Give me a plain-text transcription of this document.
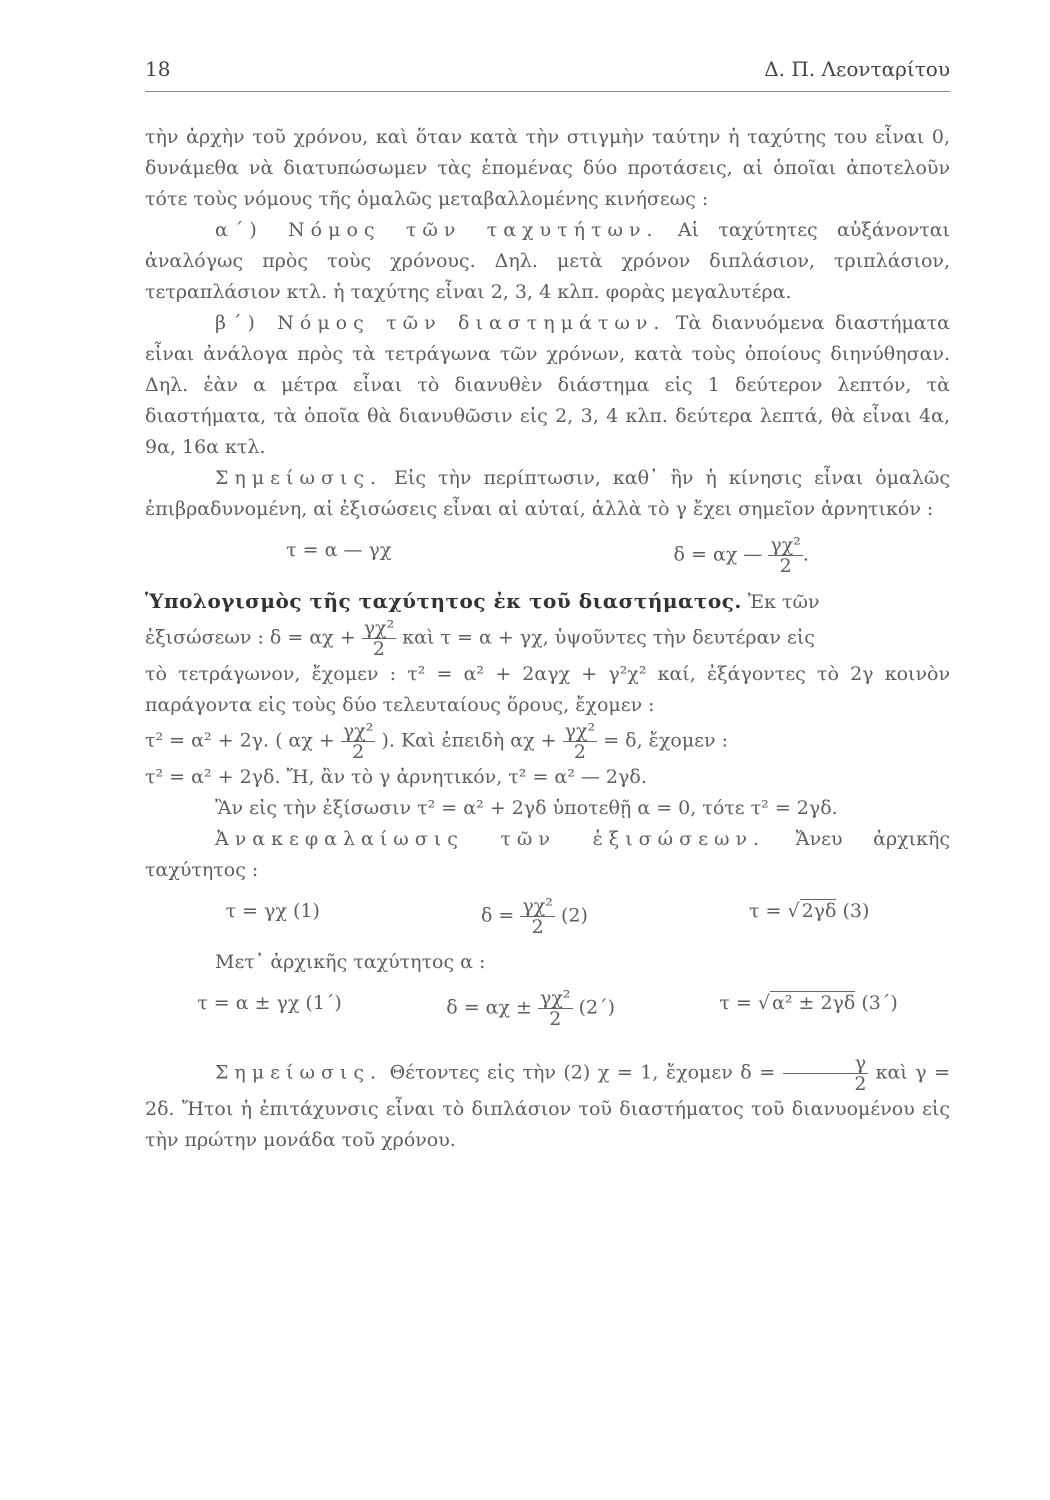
18	Δ. Π. Λεονταρίτου

τὴν ἀρχὴν τοῦ χρόνου, καὶ ὅταν κατὰ τὴν στιγμὴν ταύτην ἡ ταχύτης του εἶναι 0, δυνάμεθα νὰ διατυπώσωμεν τὰς ἑπομένας δύο προτάσεις, αἱ ὁποῖαι ἀποτελοῦν τότε τοὺς νόμους τῆς ὁμαλῶς μεταβαλλομένης κινήσεως :

α΄) Νόμος τῶν ταχυτήτων. Αἱ ταχύτητες αὐξάνονται ἀναλόγως πρὸς τοὺς χρόνους. Δηλ. μετὰ χρόνον διπλάσιον, τριπλάσιον, τετραπλάσιον κτλ. ἡ ταχύτης εἶναι 2, 3, 4 κλπ. φορὰς μεγαλυτέρα.

β΄) Νόμος τῶν διαστημάτων. Τὰ διανυόμενα διαστήματα εἶναι ἀνάλογα πρὸς τὰ τετράγωνα τῶν χρόνων, κατὰ τοὺς ὁποίους διηνύθησαν. Δηλ. ἐὰν α μέτρα εἶναι τὸ διανυθὲν διάστημα εἰς 1 δεύτερον λεπτόν, τὰ διαστήματα, τὰ ὁποῖα θὰ διανυθῶσιν εἰς 2, 3, 4 κλπ. δεύτερα λεπτά, θὰ εἶναι 4α, 9α, 16α κτλ.

Σημείωσις. Εἰς τὴν περίπτωσιν, καθ᾿ ἣν ἡ κίνησις εἶναι ὁμαλῶς ἐπιβραδυνομένη, αἱ ἐξισώσεις εἶναι αἱ αὐταί, ἀλλὰ τὸ γ ἔχει σημεῖον ἀρνητικόν :

τ = α — γχ	δ = αχ — $\frac{\text{γχ²}}{2}$ .

Ὑπολογισμὸς τῆς ταχύτητος ἐκ τοῦ διαστήματος. Ἐκ τῶν

ἐξισώσεων : $\delta = \alpha\chi + \frac{\text{γχ²}}{2}$ καὶ τ = α + γχ, ὑψοῦντες τὴν δευτέραν εἰς

τὸ τετράγωνον, ἔχομεν : τ² = α² + 2αγχ + γ²χ² καί, ἐξάγοντες τὸ 2γ κοινὸν παράγοντα εἰς τοὺς δύο τελευταίους ὅρους, ἔχομεν :

τ² = α² + 2γ. ( $\alpha\chi + \frac{\text{γχ²}}{2}$ ). Καὶ ἐπειδὴ $\alpha\chi + \frac{\text{γχ²}}{2} = \delta$, ἔχομεν :

τ² = α² + 2γδ. Ἤ, ἂν τὸ γ ἀρνητικόν, τ² = α² — 2γδ.

Ἂν εἰς τὴν ἐξίσωσιν τ² = α² + 2γδ ὑποτεθῇ α = 0, τότε τ² = 2γδ.

Ἀνακεφαλαίωσις τῶν ἐξισώσεων. Ἄνευ ἀρχικῆς ταχύτητος :

τ = γχ (1)	$\delta = \frac{\text{γχ²}}{2} (2)$	τ = √ 2γδ (3)

Μετ᾿ ἀρχικῆς ταχύτητος α :

τ = α ± γχ (1΄)	$\delta = \alpha\chi \pm \frac{\text{γχ²}}{2} (2΄)$	τ = √ α² ± 2γδ (3΄)

Σημείωσις. Θέτοντες εἰς τὴν (2) χ = 1, ἔχομεν $\delta = \frac{\gamma}{2}$ καὶ γ = 2δ. Ἤτοι ἡ ἐπιτάχυνσις εἶναι τὸ διπλάσιον τοῦ διαστήματος τοῦ διανυομένου εἰς τὴν πρώτην μονάδα τοῦ χρόνου.
